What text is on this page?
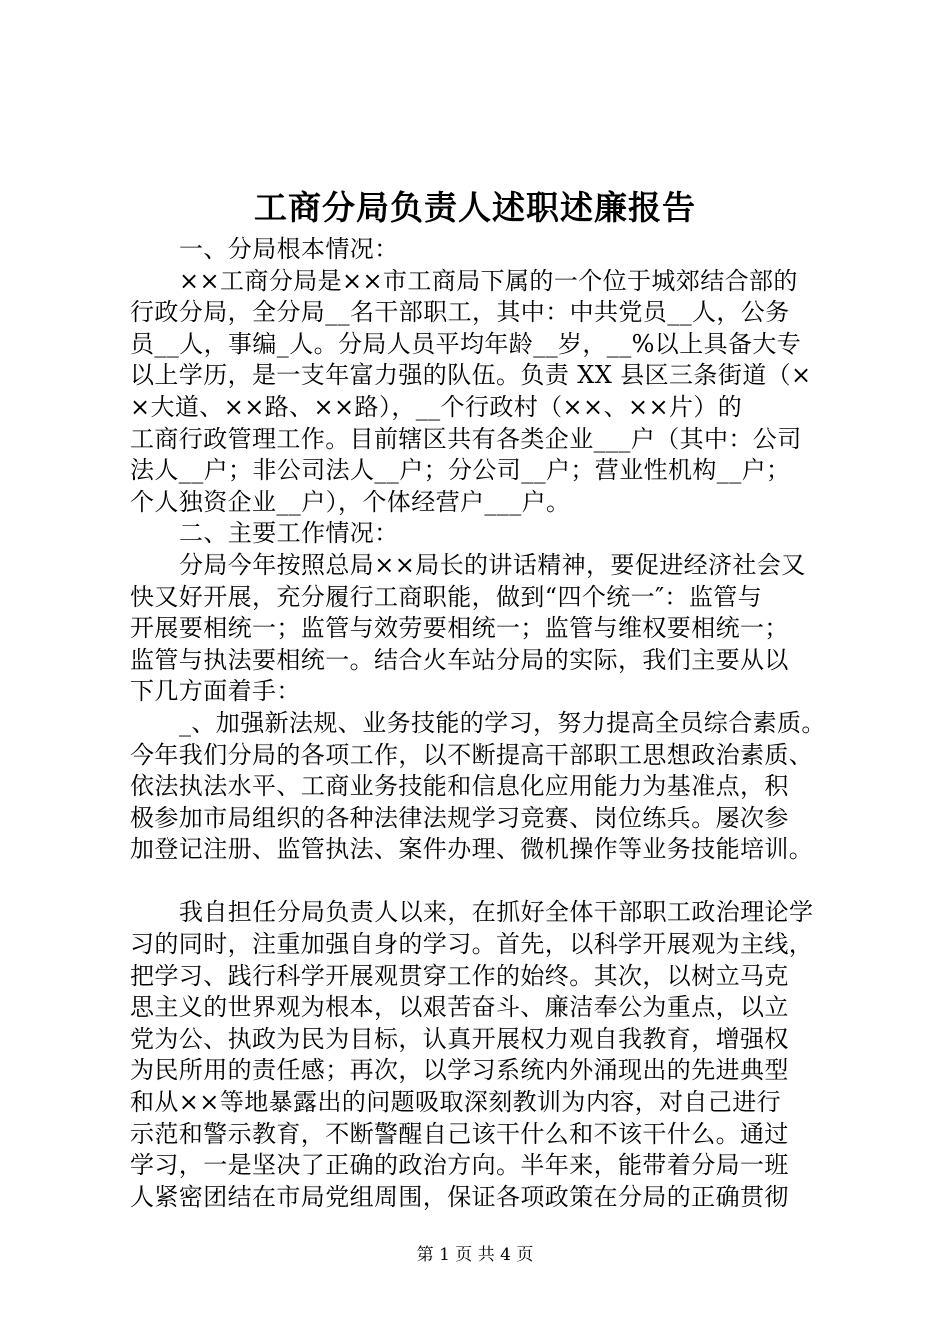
工商分局负责人述职述廉报告
一、分局根本情况：
××工商分局是××市工商局下属的一个位于城郊结合部的
行政分局，全分局__名干部职工，其中：中共党员__人，公务
员__人，事编_人。分局人员平均年龄__岁，__%以上具备大专
以上学历，是一支年富力强的队伍。负责 XX 县区三条街道（×
×大道、××路、××路），__个行政村（××、××片）的
工商行政管理工作。目前辖区共有各类企业___户（其中：公司
法人__户；非公司法人__户；分公司__户；营业性机构__户；
个人独资企业__户），个体经营户___户。
二、主要工作情况：
分局今年按照总局××局长的讲话精神，要促进经济社会又
快又好开展，充分履行工商职能，做到“四个统一″：监管与
开展要相统一；监管与效劳要相统一；监管与维权要相统一；
监管与执法要相统一。结合火车站分局的实际，我们主要从以
下几方面着手：
_、加强新法规、业务技能的学习，努力提高全员综合素质。
今年我们分局的各项工作，以不断提高干部职工思想政治素质、
依法执法水平、工商业务技能和信息化应用能力为基准点，积
极参加市局组织的各种法律法规学习竞赛、岗位练兵。屡次参
加登记注册、监管执法、案件办理、微机操作等业务技能培训。
我自担任分局负责人以来，在抓好全体干部职工政治理论学
习的同时，注重加强自身的学习。首先，以科学开展观为主线，
把学习、践行科学开展观贯穿工作的始终。其次，以树立马克
思主义的世界观为根本，以艰苦奋斗、廉洁奉公为重点，以立
党为公、执政为民为目标，认真开展权力观自我教育，增强权
为民所用的责任感；再次，以学习系统内外涌现出的先进典型
和从××等地暴露出的问题吸取深刻教训为内容，对自己进行
示范和警示教育，不断警醒自己该干什么和不该干什么。通过
学习，一是坚决了正确的政治方向。半年来，能带着分局一班
人紧密团结在市局党组周围，保证各项政策在分局的正确贯彻
第 1 页 共 4 页
